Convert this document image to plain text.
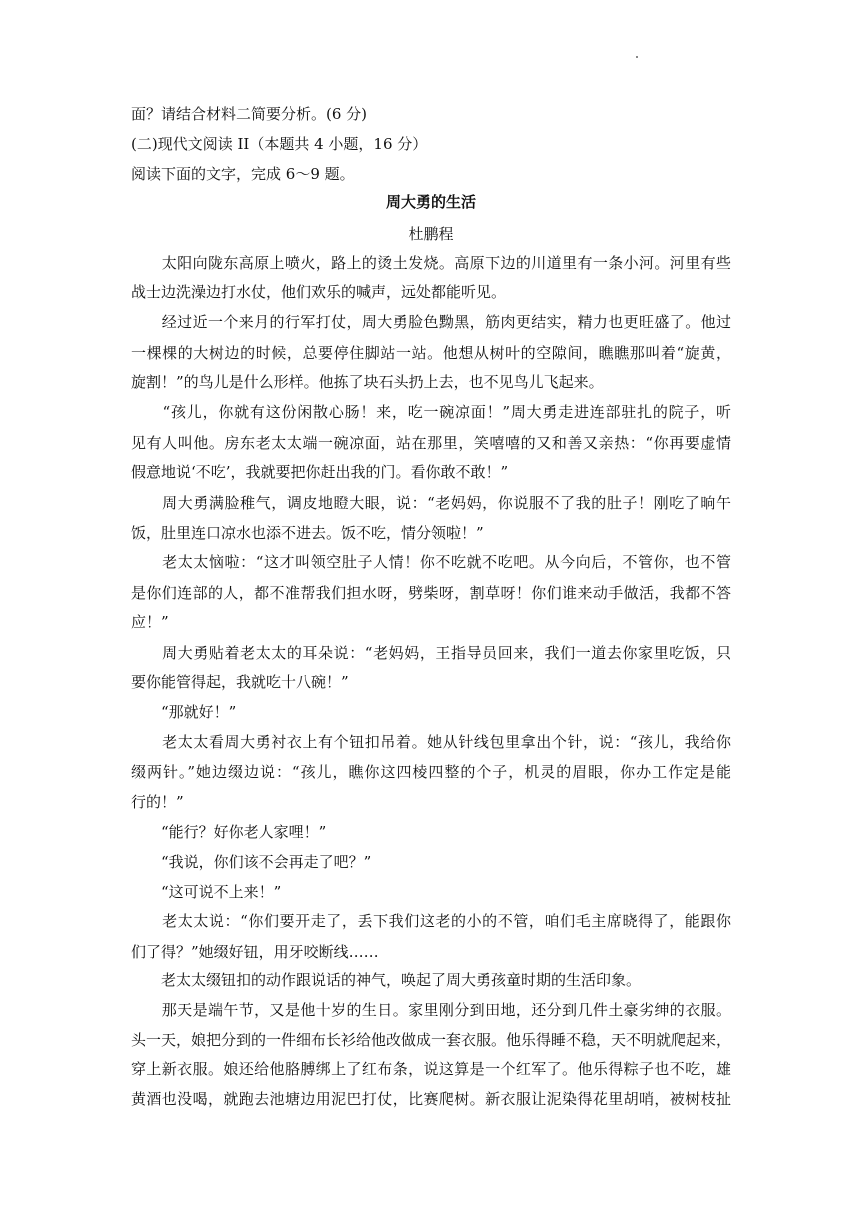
面？请结合材料二简要分析。(6 分)
(二)现代文阅读 II（本题共 4 小题，16 分）
阅读下面的文字，完成 6～9 题。
周大勇的生活
杜鹏程
　　太阳向陇东高原上喷火，路上的烫土发烧。高原下边的川道里有一条小河。河里有些
战士边洗澡边打水仗，他们欢乐的喊声，远处都能听见。
　　经过近一个来月的行军打仗，周大勇脸色黝黑，筋肉更结实，精力也更旺盛了。他过
一棵棵的大树边的时候，总要停住脚站一站。他想从树叶的空隙间，瞧瞧那叫着“旋黄，
旋割！”的鸟儿是什么形样。他拣了块石头扔上去，也不见鸟儿飞起来。
　　“孩儿，你就有这份闲散心肠！来，吃一碗凉面！”周大勇走进连部驻扎的院子，听
见有人叫他。房东老太太端一碗凉面，站在那里，笑嘻嘻的又和善又亲热：“你再要虚情
假意地说‘不吃’，我就要把你赶出我的门。看你敢不敢！”
　　周大勇满脸稚气，调皮地瞪大眼，说：“老妈妈，你说服不了我的肚子！刚吃了晌午
饭，肚里连口凉水也添不进去。饭不吃，情分领啦！”
　　老太太恼啦：“这才叫领空肚子人情！你不吃就不吃吧。从今向后，不管你，也不管
是你们连部的人，都不准帮我们担水呀，劈柴呀，割草呀！你们谁来动手做活，我都不答
应！”
　　周大勇贴着老太太的耳朵说：“老妈妈，王指导员回来，我们一道去你家里吃饭，只
要你能管得起，我就吃十八碗！”
　　“那就好！”
　　老太太看周大勇衬衣上有个钮扣吊着。她从针线包里拿出个针，说：“孩儿，我给你
缀两针。”她边缀边说：“孩儿，瞧你这四棱四整的个子，机灵的眉眼，你办工作定是能
行的！”
　　“能行？好你老人家哩！”
　　“我说，你们该不会再走了吧？”
　　“这可说不上来！”
　　老太太说：“你们要开走了，丢下我们这老的小的不管，咱们毛主席晓得了，能跟你
们了得？”她缀好钮，用牙咬断线……
　　老太太缀钮扣的动作跟说话的神气，唤起了周大勇孩童时期的生活印象。
　　那天是端午节，又是他十岁的生日。家里刚分到田地，还分到几件土豪劣绅的衣服。
头一天，娘把分到的一件细布长衫给他改做成一套衣服。他乐得睡不稳，天不明就爬起来，
穿上新衣服。娘还给他胳膊绑上了红布条，说这算是一个红军了。他乐得粽子也不吃，雄
黄酒也没喝，就跑去池塘边用泥巴打仗，比赛爬树。新衣服让泥染得花里胡哨，被树枝扯
